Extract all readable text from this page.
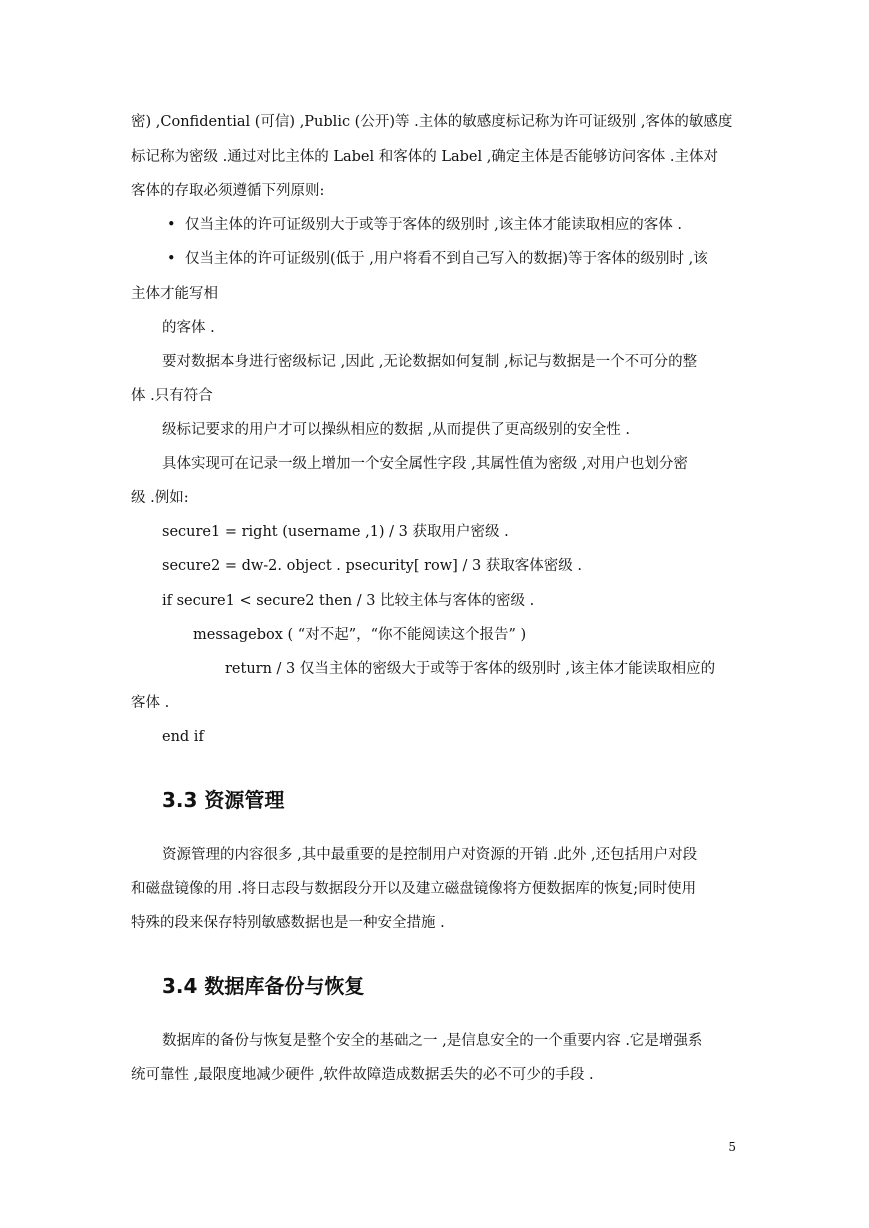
密) ,Confidential (可信) ,Public (公开)等 .主体的敏感度标记称为许可证级别 ,客体的敏感度
标记称为密级 .通过对比主体的 Label 和客体的 Label ,确定主体是否能够访问客体 .主体对
客体的存取必须遵循下列原则:
• 仅当主体的许可证级别大于或等于客体的级别时 ,该主体才能读取相应的客体 .
• 仅当主体的许可证级别(低于 ,用户将看不到自己写入的数据)等于客体的级别时 ,该
主体才能写相
的客体 .
要对数据本身进行密级标记 ,因此 ,无论数据如何复制 ,标记与数据是一个不可分的整
体 .只有符合
级标记要求的用户才可以操纵相应的数据 ,从而提供了更高级别的安全性 .
具体实现可在记录一级上增加一个安全属性字段 ,其属性值为密级 ,对用户也划分密
级 .例如:
secure1 = right (username ,1) / 3 获取用户密级 .
secure2 = dw-2. object . psecurity[ row] / 3 获取客体密级 .
if secure1 < secure2 then / 3 比较主体与客体的密级 .
messagebox ( “对不起”，“你不能阅读这个报告” )
return / 3 仅当主体的密级大于或等于客体的级别时 ,该主体才能读取相应的
客体 .
end if
3.3 资源管理
资源管理的内容很多 ,其中最重要的是控制用户对资源的开销 .此外 ,还包括用户对段
和磁盘镜像的用 .将日志段与数据段分开以及建立磁盘镜像将方便数据库的恢复;同时使用
特殊的段来保存特别敏感数据也是一种安全措施 .
3.4 数据库备份与恢复
数据库的备份与恢复是整个安全的基础之一 ,是信息安全的一个重要内容 .它是增强系
统可靠性 ,最限度地减少硬件 ,软件故障造成数据丢失的必不可少的手段 .
5
